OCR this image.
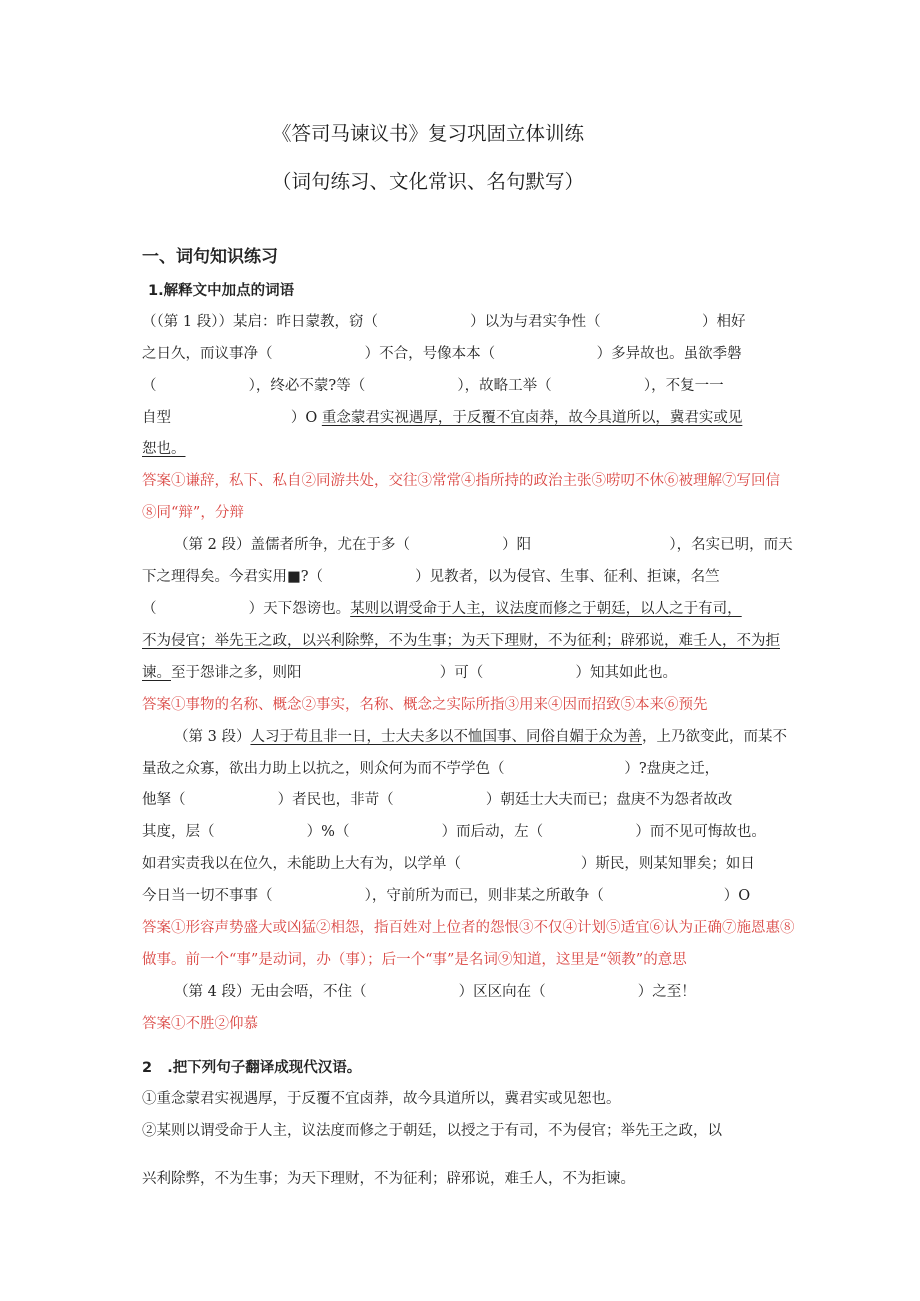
《答司马谏议书》复习巩固立体训练
（词句练习、文化常识、名句默写）
一、词句知识练习
1.解释文中加点的词语
（（第 1 段））某启：昨日蒙教，窃（                    ）以为与君实争性（                      ）相好
之日久，而议事净（                    ）不合，号像本本（                      ）多异故也。虽欲季磐
（                    ），终必不蒙?等（                    ），故略工举（                    ），不复一一
自型                          ）O 重念蒙君实视遇厚，于反覆不宜卤莽，故今具道所以，冀君实或见
恕也。
答案①谦辞，私下、私自②同游共处，交往③常常④指所持的政治主张⑤唠叨不休⑥被理解⑦写回信
⑧同“辩”，分辩
（第 2 段）盖儒者所争，尤在于多（                    ）阳                              ），名实已明，而天
下之理得矣。今君实用■?（                    ）见教者，以为侵官、生事、征利、拒谏，名竺
（                    ）天下怨谤也。某则以谓受命于人主，议法度而修之于朝廷，以人之于有司，
不为侵官；举先王之政，以兴利除弊，不为生事；为天下理财，不为征利；辟邪说，难壬人，不为拒
谏。至于怨诽之多，则阳                              ）可（                    ）知其如此也。
答案①事物的名称、概念②事实，名称、概念之实际所指③用来④因而招致⑤本来⑥预先
（第 3 段）人习于苟且非一日，士大夫多以不恤国事、同俗自媚于众为善，上乃欲变此，而某不
量敌之众寡，欲出力助上以抗之，则众何为而不苧学色（                          ）?盘庚之迁，
他拏（                    ）者民也，非苛（                    ）朝廷士大夫而已；盘庚不为怨者故改
其度，层（                    ）%（                    ）而后动，左（                    ）而不见可悔故也。
如君实责我以在位久，未能助上大有为，以学单（                          ）斯民，则某知罪矣；如日
今日当一切不事事（                    ），守前所为而已，则非某之所敢争（                          ）O
答案①形容声势盛大或凶猛②相怨，指百姓对上位者的怨恨③不仅④计划⑤适宜⑥认为正确⑦施恩惠⑧
做事。前一个“事”是动词，办（事）；后一个“事”是名词⑨知道，这里是“领教”的意思
（第 4 段）无由会唔，不住（                    ）区区向在（                    ）之至！
答案①不胜②仰慕
2   .把下列句子翻译成现代汉语。
①重念蒙君实视遇厚，于反覆不宜卤莽，故今具道所以，冀君实或见恕也。
②某则以谓受命于人主，议法度而修之于朝廷，以授之于有司，不为侵官；举先王之政，以
兴利除弊，不为生事；为天下理财，不为征利；辟邪说，难壬人，不为拒谏。
